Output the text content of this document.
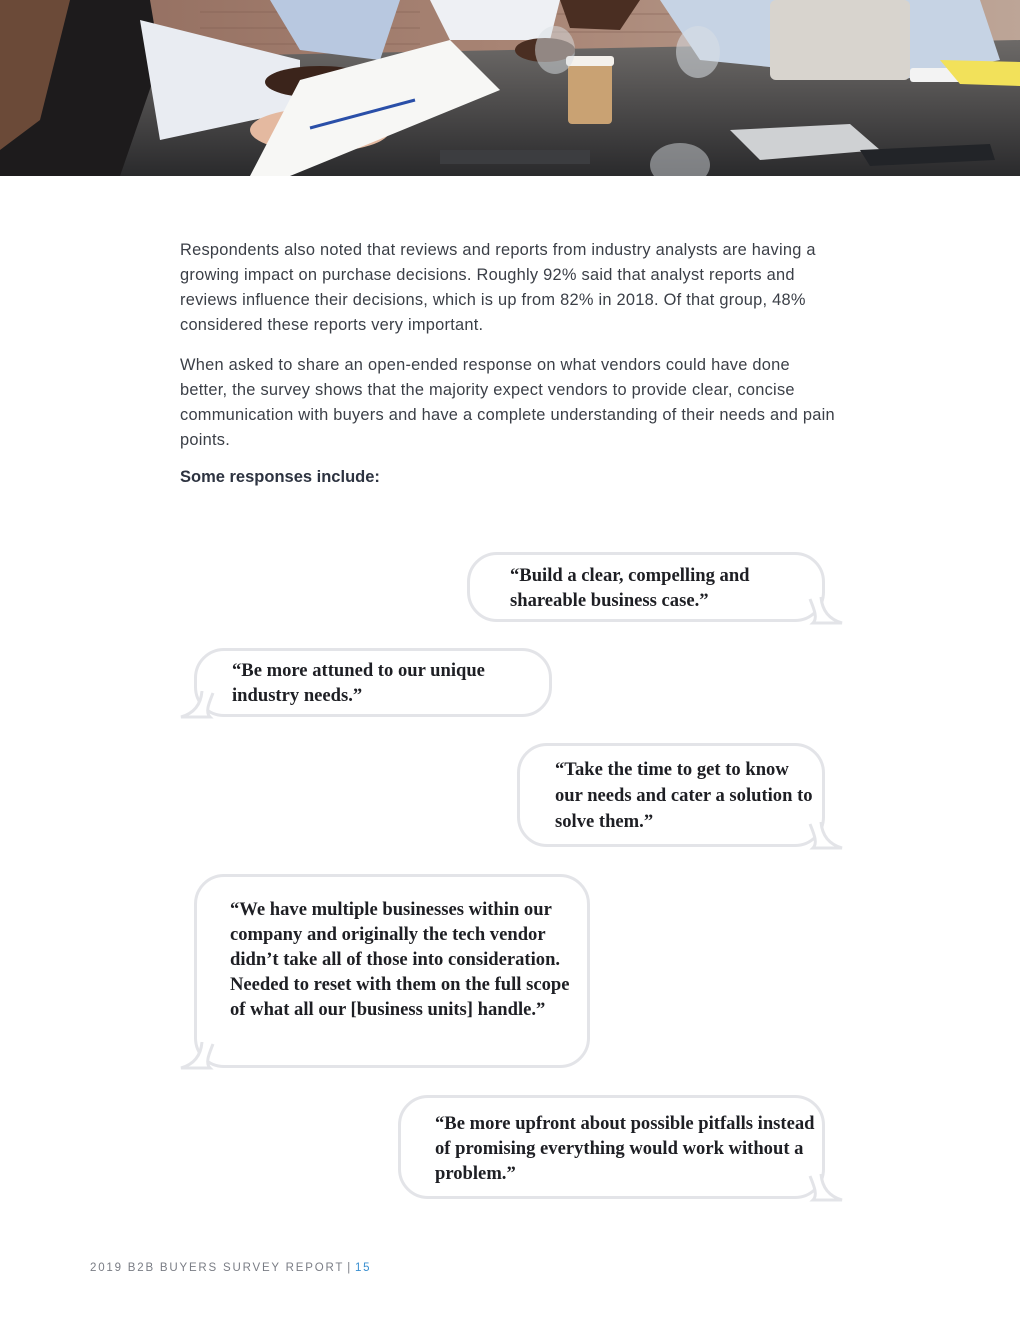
Respondents also noted that reviews and reports from industry analysts are having a growing impact on purchase decisions. Roughly 92% said that analyst reports and reviews influence their decisions, which is up from 82% in 2018. Of that group, 48% considered these reports very important.

When asked to share an open-ended response on what vendors could have done better, the survey shows that the majority expect vendors to provide clear, concise communication with buyers and have a complete understanding of their needs and pain points.

Some responses include:

“Build a clear, compelling and shareable business case.”

“Be more attuned to our unique industry needs.”

“Take the time to get to know our needs and cater a solution to solve them.”

“We have multiple businesses within our company and originally the tech vendor didn’t take all of those into consideration. Needed to reset with them on the full scope of what all our [business units] handle.”

“Be more upfront about possible pitfalls instead of promising everything would work without a problem.”

2019 B2B BUYERS SURVEY REPORT | 15
